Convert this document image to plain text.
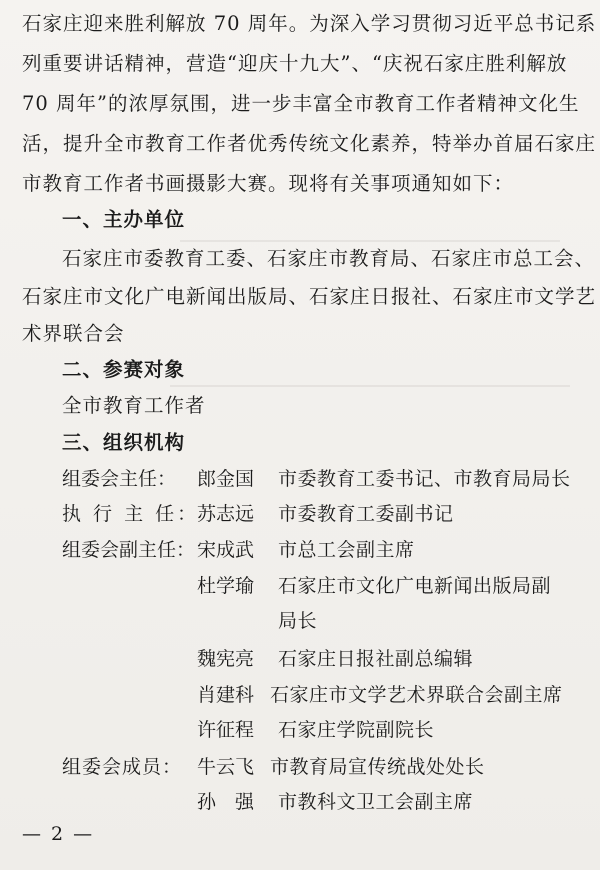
石家庄迎来胜利解放 70 周年。为深入学习贯彻习近平总书记系
列重要讲话精神，营造“迎庆十九大”、“庆祝石家庄胜利解放
70 周年”的浓厚氛围，进一步丰富全市教育工作者精神文化生
活，提升全市教育工作者优秀传统文化素养，特举办首届石家庄
市教育工作者书画摄影大赛。现将有关事项通知如下：
一、主办单位
石家庄市委教育工委、石家庄市教育局、石家庄市总工会、
石家庄市文化广电新闻出版局、石家庄日报社、石家庄市文学艺
术界联合会
二、参赛对象
全市教育工作者
三、组织机构
组委会主任： 郎金国 市委教育工委书记、市教育局局长
执 行 主 任：
苏志远 市委教育工委副书记
组委会副主任： 宋成武 市总工会副主席
杜学瑜 石家庄市文化广电新闻出版局副
局长
魏宪亮 石家庄日报社副总编辑
肖建科 石家庄市文学艺术界联合会副主席
许征程 石家庄学院副院长
组委会成员： 牛云飞 市教育局宣传统战处处长
孙　强 市教科文卫工会副主席
— 2 —
